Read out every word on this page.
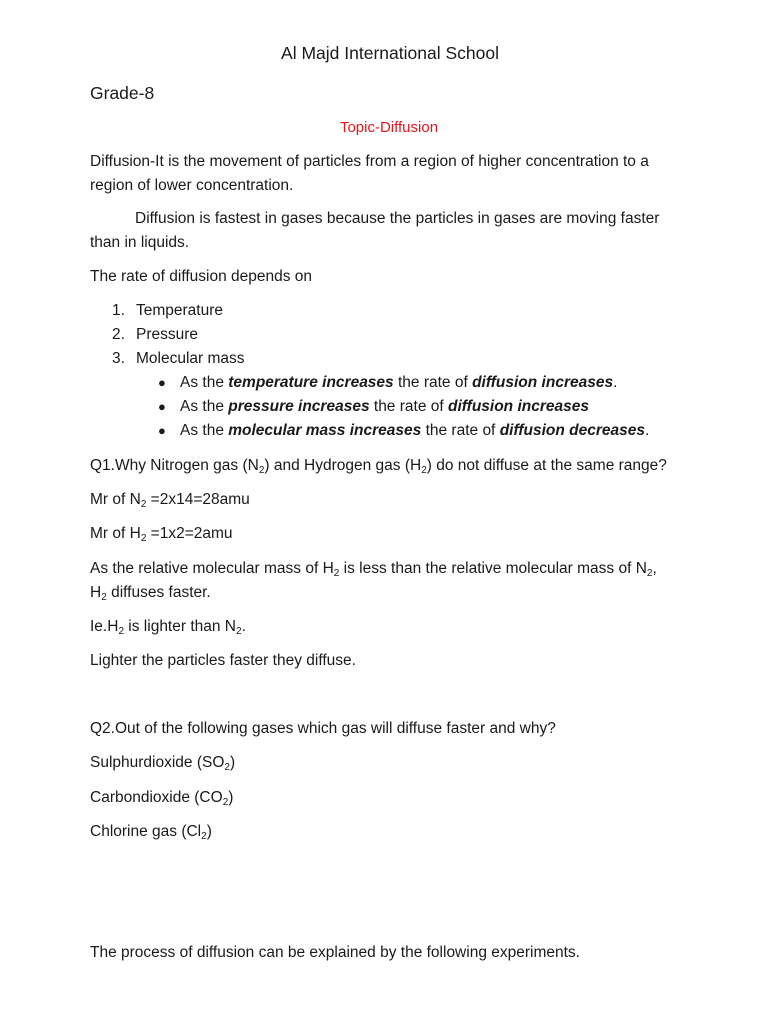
Al Majd International School
Grade-8
Topic-Diffusion
Diffusion-It is the movement of particles from a region of higher concentration to a
region of lower concentration.
Diffusion is fastest in gases because the particles in gases are moving faster
than in liquids.
The rate of diffusion depends on
1. Temperature
2. Pressure
3. Molecular mass
● As the temperature increases the rate of diffusion increases.
● As the pressure increases the rate of diffusion increases
● As the molecular mass increases the rate of diffusion decreases.
Q1.Why Nitrogen gas $(N_2)$ and Hydrogen gas $(H_2)$ do not diffuse at the same range?
Mr of $N_2 =2x14=28amu$
Mr of $H_2 =1x2=2amu$
As the relative molecular mass of $H_2$ is less than the relative molecular mass of $N_2$,
$H_2$ diffuses faster.
$Ie.H_2$ is lighter than $N_2$.
Lighter the particles faster they diffuse.
Q2.Out of the following gases which gas will diffuse faster and why?
Sulphurdioxide $(SO_2)$
Carbondioxide $(CO_2)$
Chlorine gas $(Cl_2)$
The process of diffusion can be explained by the following experiments.
